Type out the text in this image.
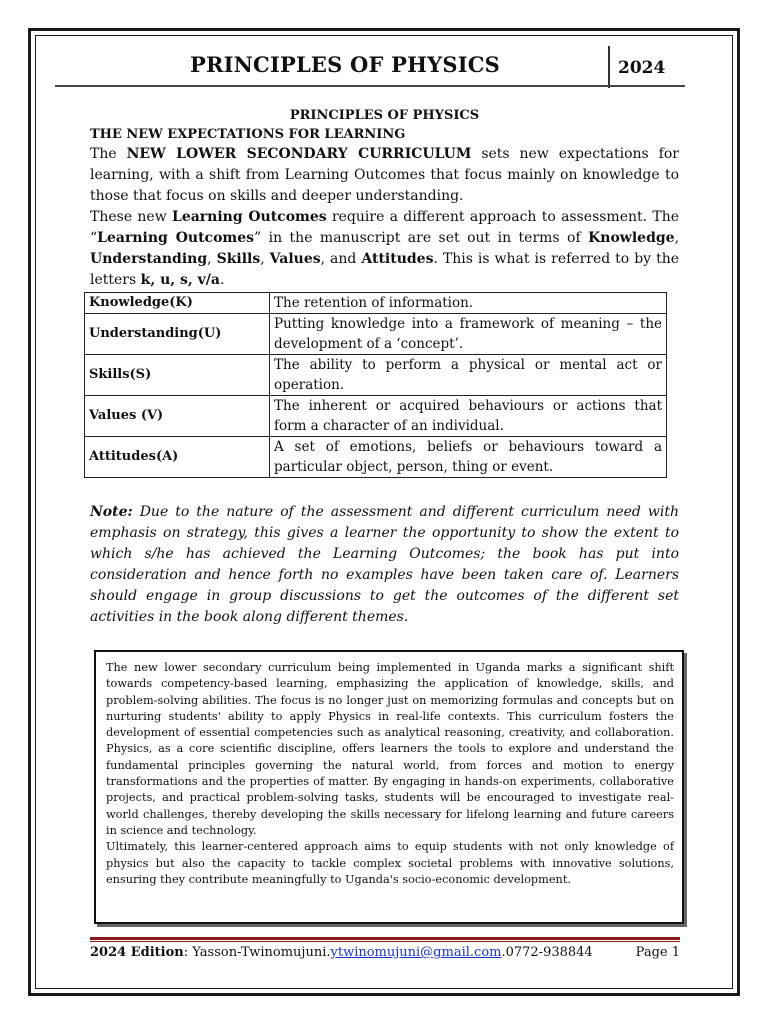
PRINCIPLES OF PHYSICS	2024
PRINCIPLES OF PHYSICS
THE NEW EXPECTATIONS FOR LEARNING

The NEW LOWER SECONDARY CURRICULUM sets new expectations for learning, with a shift from Learning Outcomes that focus mainly on knowledge to those that focus on skills and deeper understanding.

These new Learning Outcomes require a different approach to assessment. The “Learning Outcomes” in the manuscript are set out in terms of Knowledge, Understanding, Skills, Values, and Attitudes. This is what is referred to by the letters k, u, s, v/a.

Knowledge(K)	The retention of information.
Understanding(U)	Putting knowledge into a framework of meaning – the development of a ‘concept’.
Skills(S)	The ability to perform a physical or mental act or operation.
Values (V)	The inherent or acquired behaviours or actions that form a character of an individual.
Attitudes(A)	A set of emotions, beliefs or behaviours toward a particular object, person, thing or event.
Note: Due to the nature of the assessment and different curriculum need with emphasis on strategy, this gives a learner the opportunity to show the extent to which s/he has achieved the Learning Outcomes; the book has put into consideration and hence forth no examples have been taken care of. Learners should engage in group discussions to get the outcomes of the different set activities in the book along different themes.
The new lower secondary curriculum being implemented in Uganda marks a significant shift towards competency-based learning, emphasizing the application of knowledge, skills, and problem-solving abilities. The focus is no longer just on memorizing formulas and concepts but on nurturing students' ability to apply Physics in real-life contexts. This curriculum fosters the development of essential competencies such as analytical reasoning, creativity, and collaboration. Physics, as a core scientific discipline, offers learners the tools to explore and understand the fundamental principles governing the natural world, from forces and motion to energy transformations and the properties of matter. By engaging in hands-on experiments, collaborative projects, and practical problem-solving tasks, students will be encouraged to investigate real-world challenges, thereby developing the skills necessary for lifelong learning and future careers in science and technology.
Ultimately, this learner-centered approach aims to equip students with not only knowledge of physics but also the capacity to tackle complex societal problems with innovative solutions, ensuring they contribute meaningfully to Uganda's socio-economic development.
2024 Edition: Yasson-Twinomujuni.ytwinomujuni@gmail.com.0772-938844	Page 1
